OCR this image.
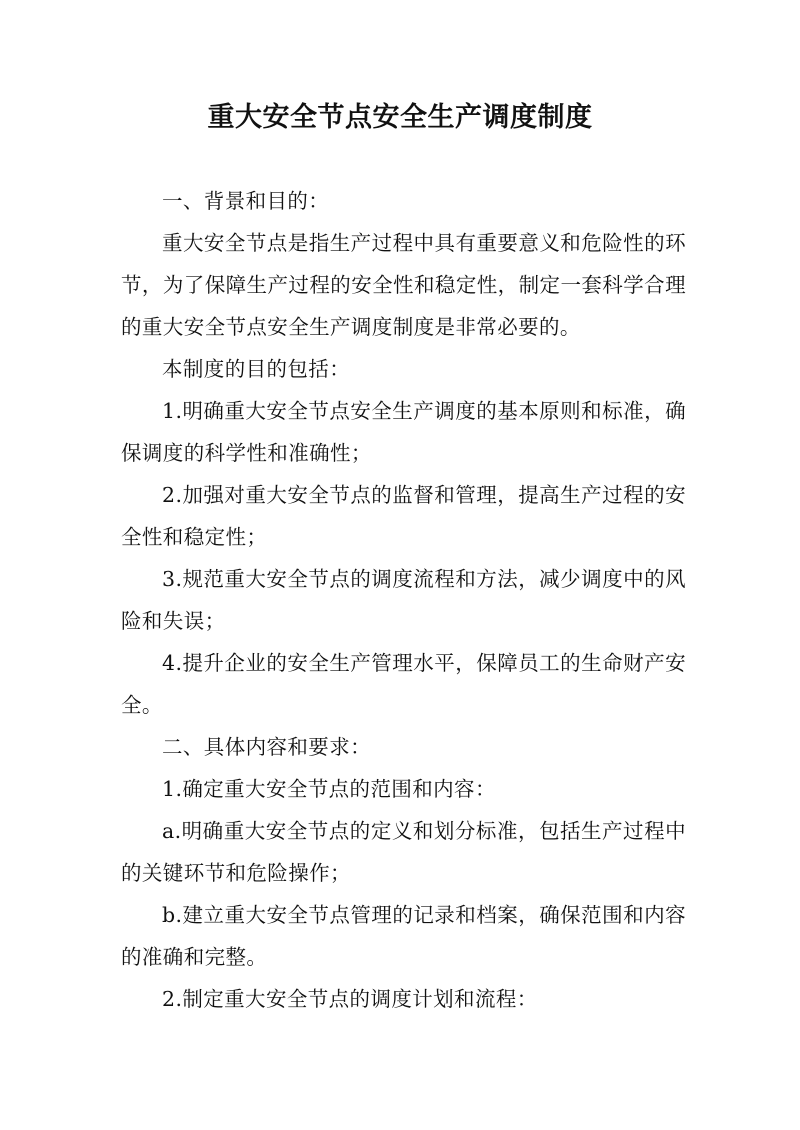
重大安全节点安全生产调度制度

一、背景和目的：

重大安全节点是指生产过程中具有重要意义和危险性的环节，为了保障生产过程的安全性和稳定性，制定一套科学合理的重大安全节点安全生产调度制度是非常必要的。

本制度的目的包括：

1.明确重大安全节点安全生产调度的基本原则和标准，确保调度的科学性和准确性；

2.加强对重大安全节点的监督和管理，提高生产过程的安全性和稳定性；

3.规范重大安全节点的调度流程和方法，减少调度中的风险和失误；

4.提升企业的安全生产管理水平，保障员工的生命财产安全。

二、具体内容和要求：

1.确定重大安全节点的范围和内容：

a.明确重大安全节点的定义和划分标准，包括生产过程中的关键环节和危险操作；

b.建立重大安全节点管理的记录和档案，确保范围和内容的准确和完整。

2.制定重大安全节点的调度计划和流程：
